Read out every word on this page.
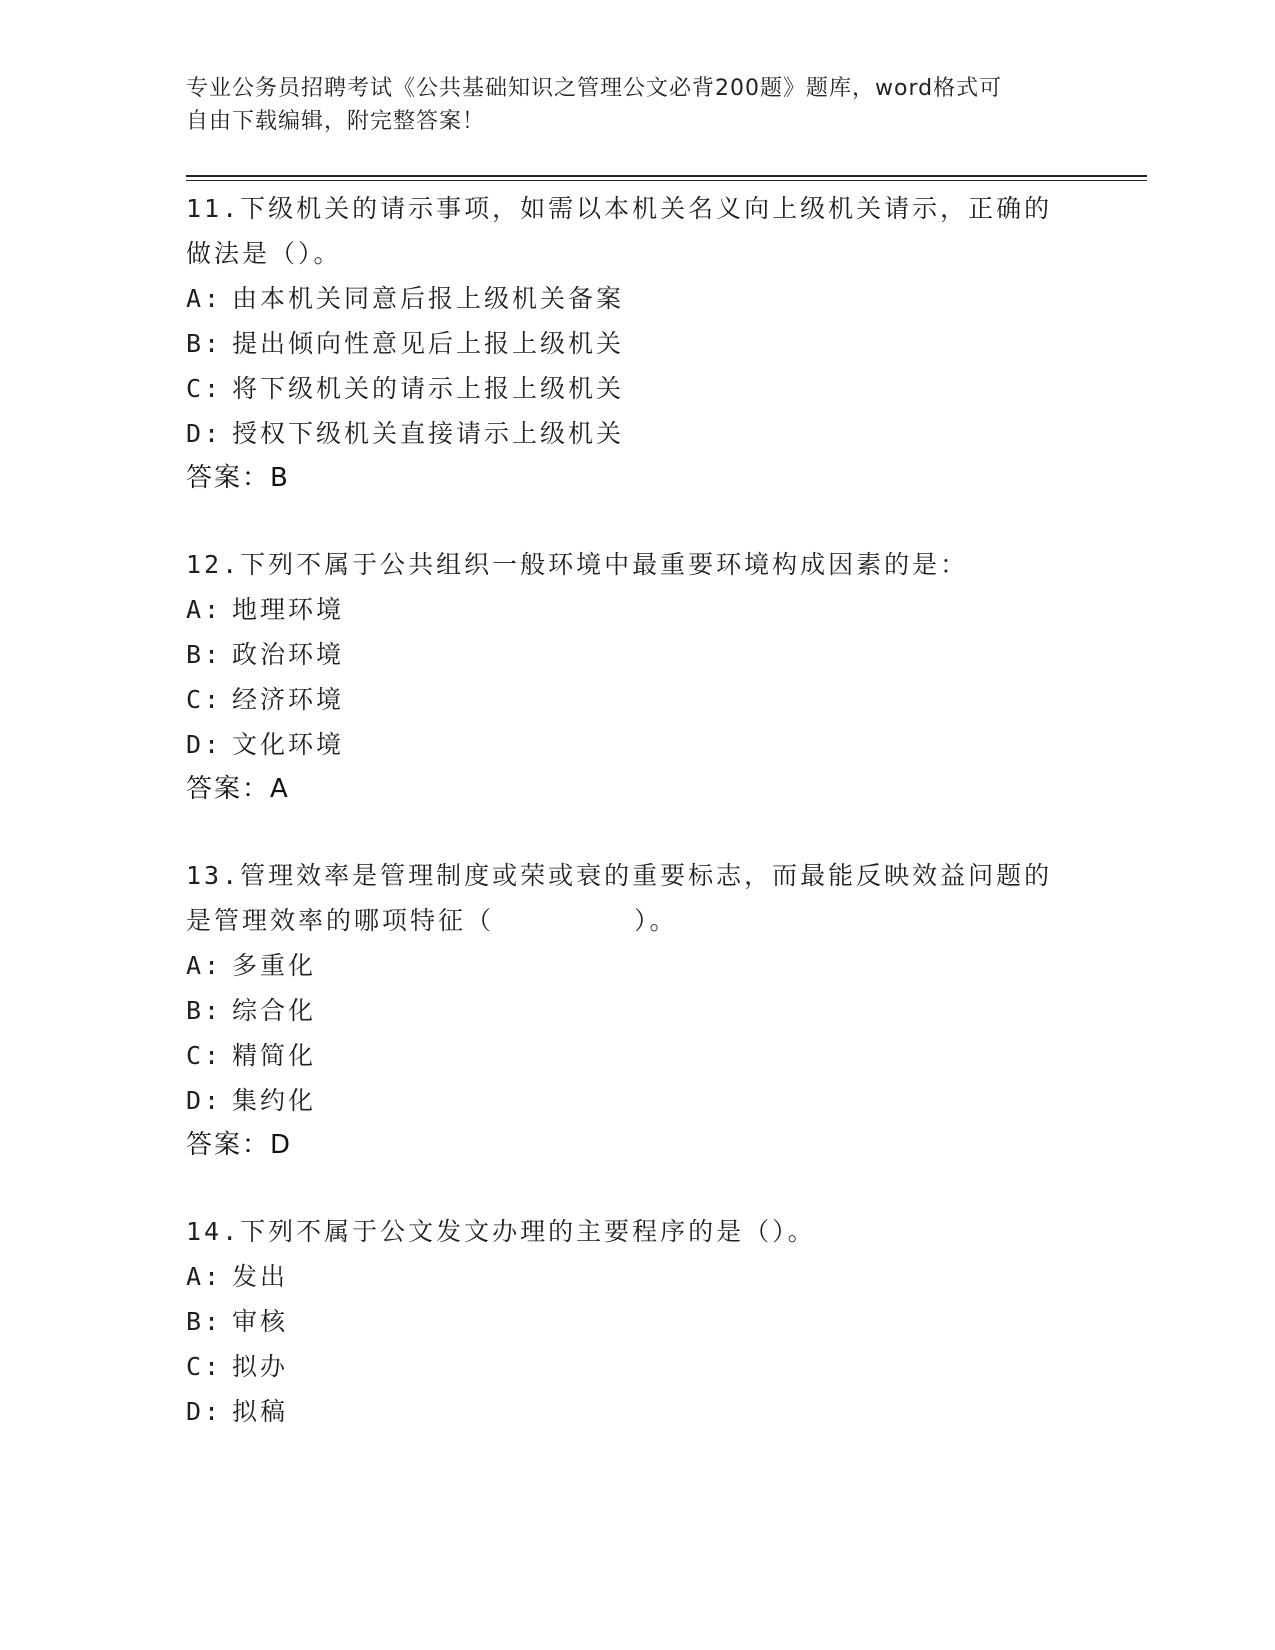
专业公务员招聘考试《公共基础知识之管理公文必背200题》题库，word格式可
自由下载编辑，附完整答案！
11.下级机关的请示事项，如需以本机关名义向上级机关请示，正确的做法是（）。
A: 由本机关同意后报上级机关备案
B: 提出倾向性意见后上报上级机关
C: 将下级机关的请示上报上级机关
D: 授权下级机关直接请示上级机关
答案：B
12.下列不属于公共组织一般环境中最重要环境构成因素的是：
A: 地理环境
B: 政治环境
C: 经济环境
D: 文化环境
答案：A
13.管理效率是管理制度或荣或衰的重要标志，而最能反映效益问题的是管理效率的哪项特征（　　　　　）。
A: 多重化
B: 综合化
C: 精简化
D: 集约化
答案：D
14.下列不属于公文发文办理的主要程序的是（）。
A: 发出
B: 审核
C: 拟办
D: 拟稿
